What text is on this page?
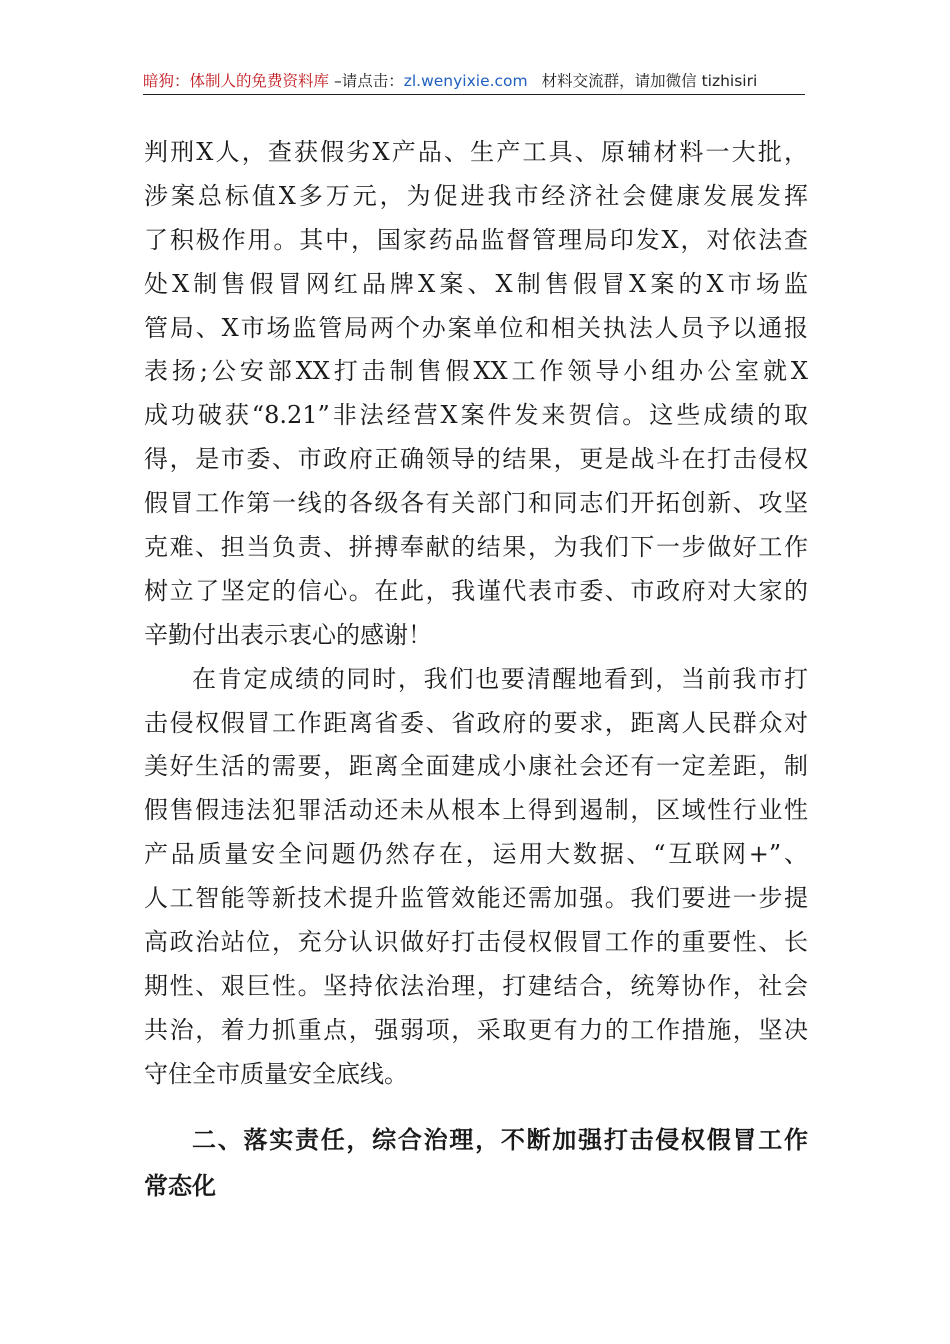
暗狗：体制人的免费资料库 –请点击：zl.wenyixie.com 材料交流群，请加微信 tizhisiri
判刑X人，查获假劣X产品、生产工具、原辅材料一大批，
涉案总标值X多万元，为促进我市经济社会健康发展发挥
了积极作用。其中，国家药品监督管理局印发X，对依法查
处X制售假冒网红品牌X案、X制售假冒X案的X市场监
管局、X市场监管局两个办案单位和相关执法人员予以通报
表扬;公安部XX打击制售假XX工作领导小组办公室就X
成功破获“8.21”非法经营X案件发来贺信。这些成绩的取
得，是市委、市政府正确领导的结果，更是战斗在打击侵权
假冒工作第一线的各级各有关部门和同志们开拓创新、攻坚
克难、担当负责、拼搏奉献的结果，为我们下一步做好工作
树立了坚定的信心。在此，我谨代表市委、市政府对大家的
辛勤付出表示衷心的感谢！
在肯定成绩的同时，我们也要清醒地看到，当前我市打
击侵权假冒工作距离省委、省政府的要求，距离人民群众对
美好生活的需要，距离全面建成小康社会还有一定差距，制
假售假违法犯罪活动还未从根本上得到遏制，区域性行业性
产品质量安全问题仍然存在，运用大数据、“互联网+”、
人工智能等新技术提升监管效能还需加强。我们要进一步提
高政治站位，充分认识做好打击侵权假冒工作的重要性、长
期性、艰巨性。坚持依法治理，打建结合，统筹协作，社会
共治，着力抓重点，强弱项，采取更有力的工作措施，坚决
守住全市质量安全底线。
二、落实责任，综合治理，不断加强打击侵权假冒工作
常态化
